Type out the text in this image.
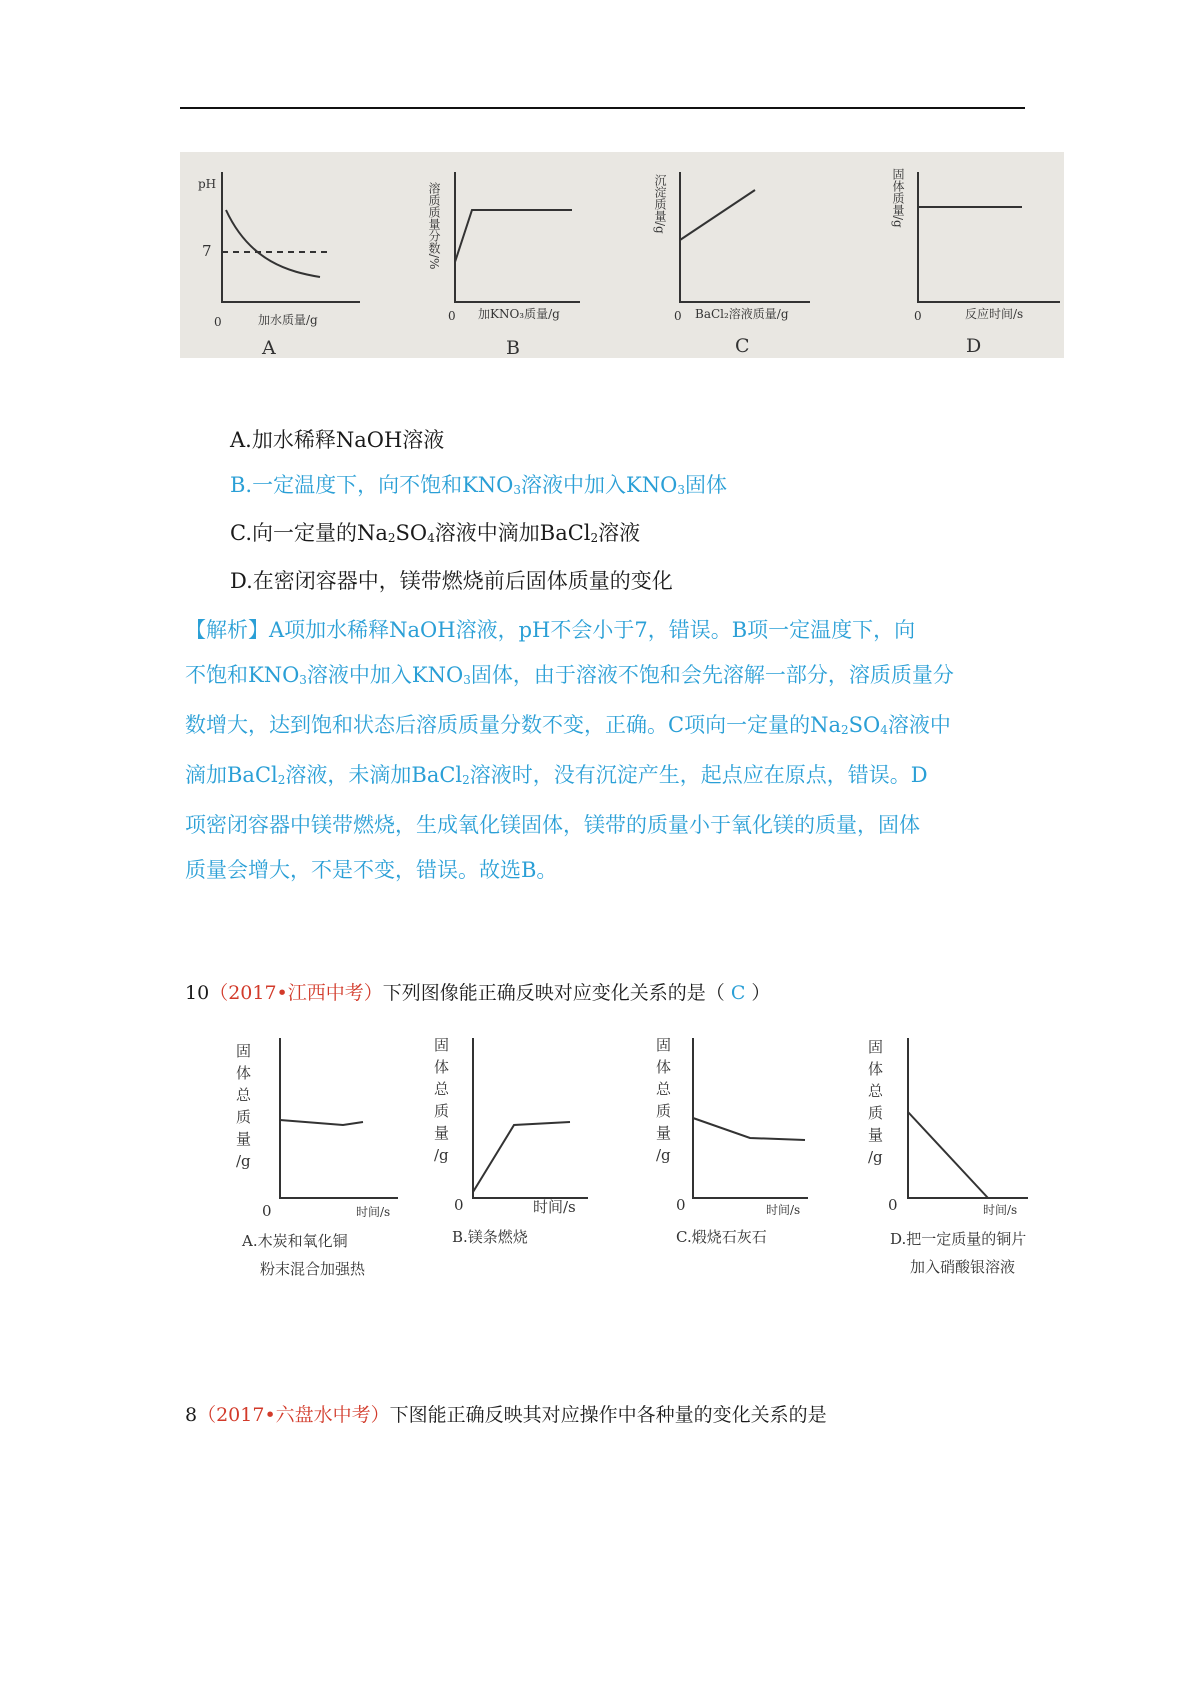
pH
7
0	加水质量/g
A
溶质质量分数/%
0 加KNO₃质量/g
B
沉淀质量/g
0 BaCl₂溶液质量/g
C
固体质量/g
0	反应时间/s
D
A.加水稀释NaOH溶液
B.一定温度下，向不饱和$KNO_3$溶液中加入$KNO_3$固体
C.向一定量的$Na_2SO_4$溶液中滴加BaCl$_2$溶液
D.在密闭容器中，镁带燃烧前后固体质量的变化

【解析】A项加水稀释NaOH溶液，pH不会小于7，错误。B项一定温度下，向

不饱和$KNO_3$溶液中加入$KNO_3$固体，由于溶液不饱和会先溶解一部分，溶质质量分

数增大，达到饱和状态后溶质质量分数不变，正确。C项向一定量的$Na_2SO_4$溶液中

滴加BaCl$_2$溶液，未滴加BaCl$_2$溶液时，没有沉淀产生，起点应在原点，错误。D

项密闭容器中镁带燃烧，生成氧化镁固体，镁带的质量小于氧化镁的质量，固体

质量会增大，不是不变，错误。故选B。

10（2017•江西中考）下列图像能正确反映对应变化关系的是（ C ）
固
体
总
质
量
/g
0	时间/s
A.木炭和氧化铜
粉末混合加强热
固
体
总
质
量
/g
0	时间/s
B.镁条燃烧
固
体
总
质
量
/g
0	时间/s
C.煅烧石灰石
固
体
总
质
量
/g
0	时间/s
D.把一定质量的铜片
加入硝酸银溶液
8（2017•六盘水中考）下图能正确反映其对应操作中各种量的变化关系的是
